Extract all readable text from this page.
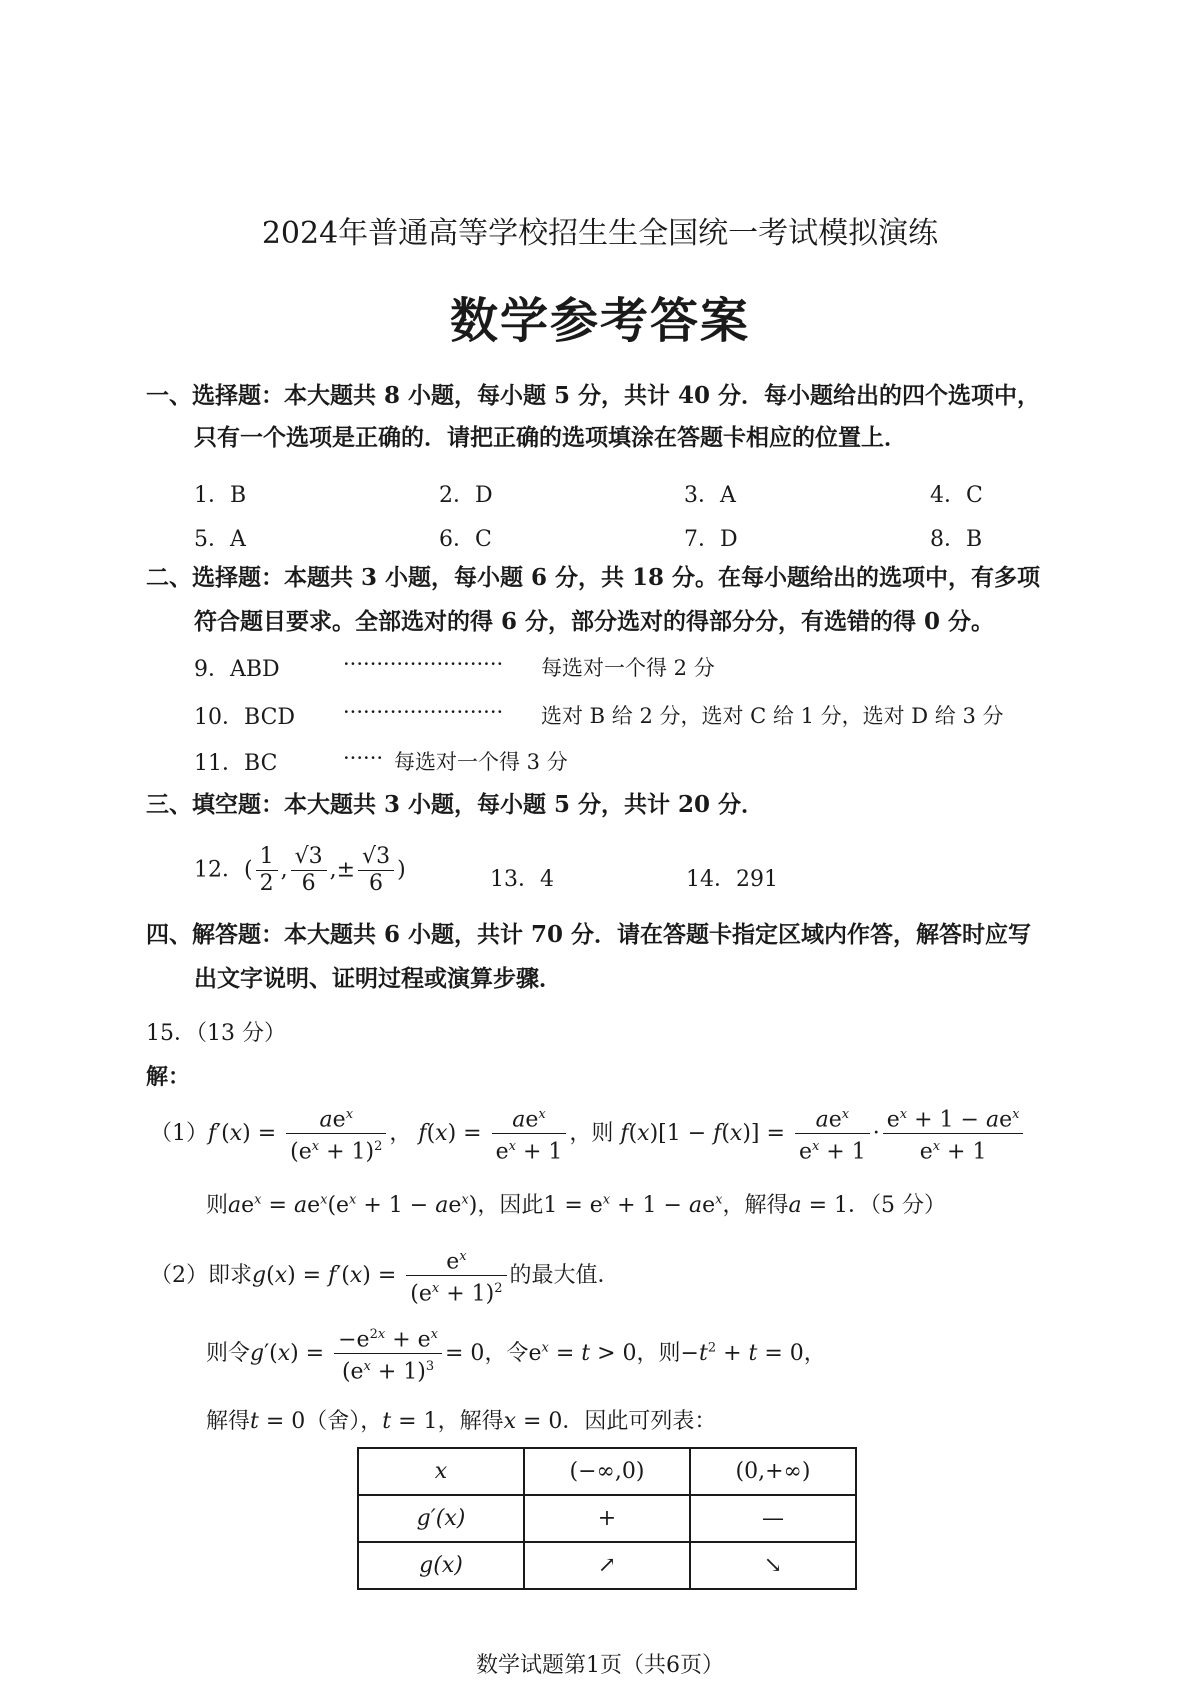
2024年普通高等学校招生生全国统一考试模拟演练
数学参考答案
一、选择题：本大题共 8 小题，每小题 5 分，共计 40 分．每小题给出的四个选项中，
只有一个选项是正确的．请把正确的选项填涂在答题卡相应的位置上．
1．B	2．D	3．A	4．C
5．A	6．C	7．D	8．B
二、选择题：本题共 3 小题，每小题 6 分，共 18 分。在每小题给出的选项中，有多项
符合题目要求。全部选对的得 6 分，部分选对的得部分分，有选错的得 0 分。
9．ABD	························ 每选对一个得 2 分
10．BCD ························ 选对 B 给 2 分，选对 C 给 1 分，选对 D 给 3 分
11．BC	······ 每选对一个得 3 分
三、填空题：本大题共 3 小题，每小题 5 分，共计 20 分．
12．( $\frac{1}{2}$ , $\frac{√3}{6}$ ,± $\frac{√3}{6}$ )	13．4	14．291
四、解答题：本大题共 6 小题，共计 70 分．请在答题卡指定区域内作答，解答时应写
出文字说明、证明过程或演算步骤．
15．（13 分）
解：
$(1)f'(x) = \frac{ae^x}{(e^x + 1)^2}$ ， $f(x) = \frac{ae^x}{e^x + 1}$ ，则 $f(x)[1 - f(x)] = \frac{ae^x}{e^x + 1} \cdot \frac{e^x + 1 - ae^x}{e^x + 1}$
则$ae^x = ae^x(e^x + 1 - ae^x)$，因此$1 = e^x + 1 - ae^x$，解得a = 1．（5 分）
（2）即求$g(x) = f'(x) = \frac{e^x}{(e^x + 1)^2}$ 的最大值．
则令$g'(x) = \frac{-e^{2x} + e^x}{(e^x + 1)^3} = 0$，令$e^x = t > 0$，则$-t^2 + t = 0$，
解得t = 0（舍），t = 1，解得x = 0．因此可列表：
x	(−∞,0)	(0,+∞)
g′(x)	+	—
g(x)	↗	↘
数学试题第1页（共6页）
